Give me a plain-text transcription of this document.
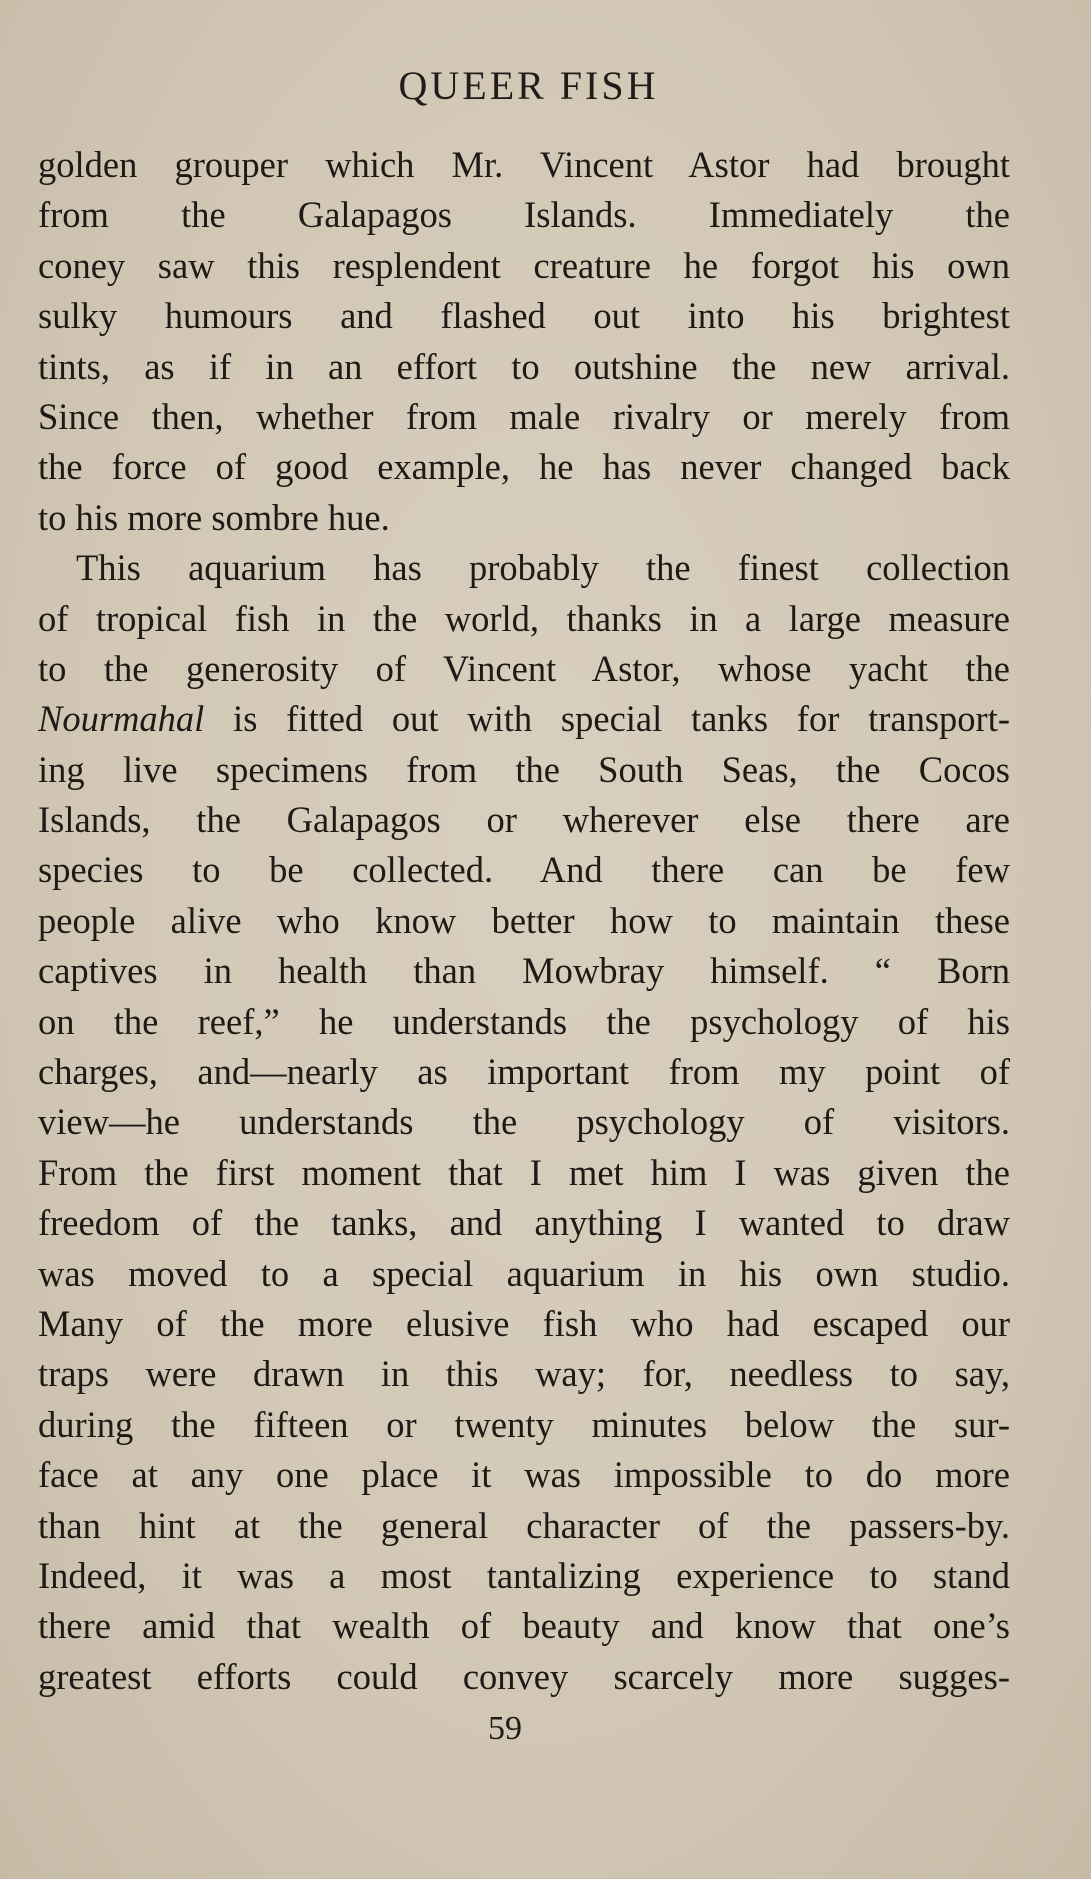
QUEER FISH
golden grouper which Mr. Vincent Astor had brought
from the Galapagos Islands. Immediately the
coney saw this resplendent creature he forgot his own
sulky humours and flashed out into his brightest
tints, as if in an effort to outshine the new arrival.
Since then, whether from male rivalry or merely from
the force of good example, he has never changed back
to his more sombre hue.
This aquarium has probably the finest collection
of tropical fish in the world, thanks in a large measure
to the generosity of Vincent Astor, whose yacht the
Nourmahal is fitted out with special tanks for transport-
ing live specimens from the South Seas, the Cocos
Islands, the Galapagos or wherever else there are
species to be collected. And there can be few
people alive who know better how to maintain these
captives in health than Mowbray himself. “ Born
on the reef,” he understands the psychology of his
charges, and—nearly as important from my point of
view—he understands the psychology of visitors.
From the first moment that I met him I was given the
freedom of the tanks, and anything I wanted to draw
was moved to a special aquarium in his own studio.
Many of the more elusive fish who had escaped our
traps were drawn in this way; for, needless to say,
during the fifteen or twenty minutes below the sur-
face at any one place it was impossible to do more
than hint at the general character of the passers-by.
Indeed, it was a most tantalizing experience to stand
there amid that wealth of beauty and know that one’s
greatest efforts could convey scarcely more sugges-
59
